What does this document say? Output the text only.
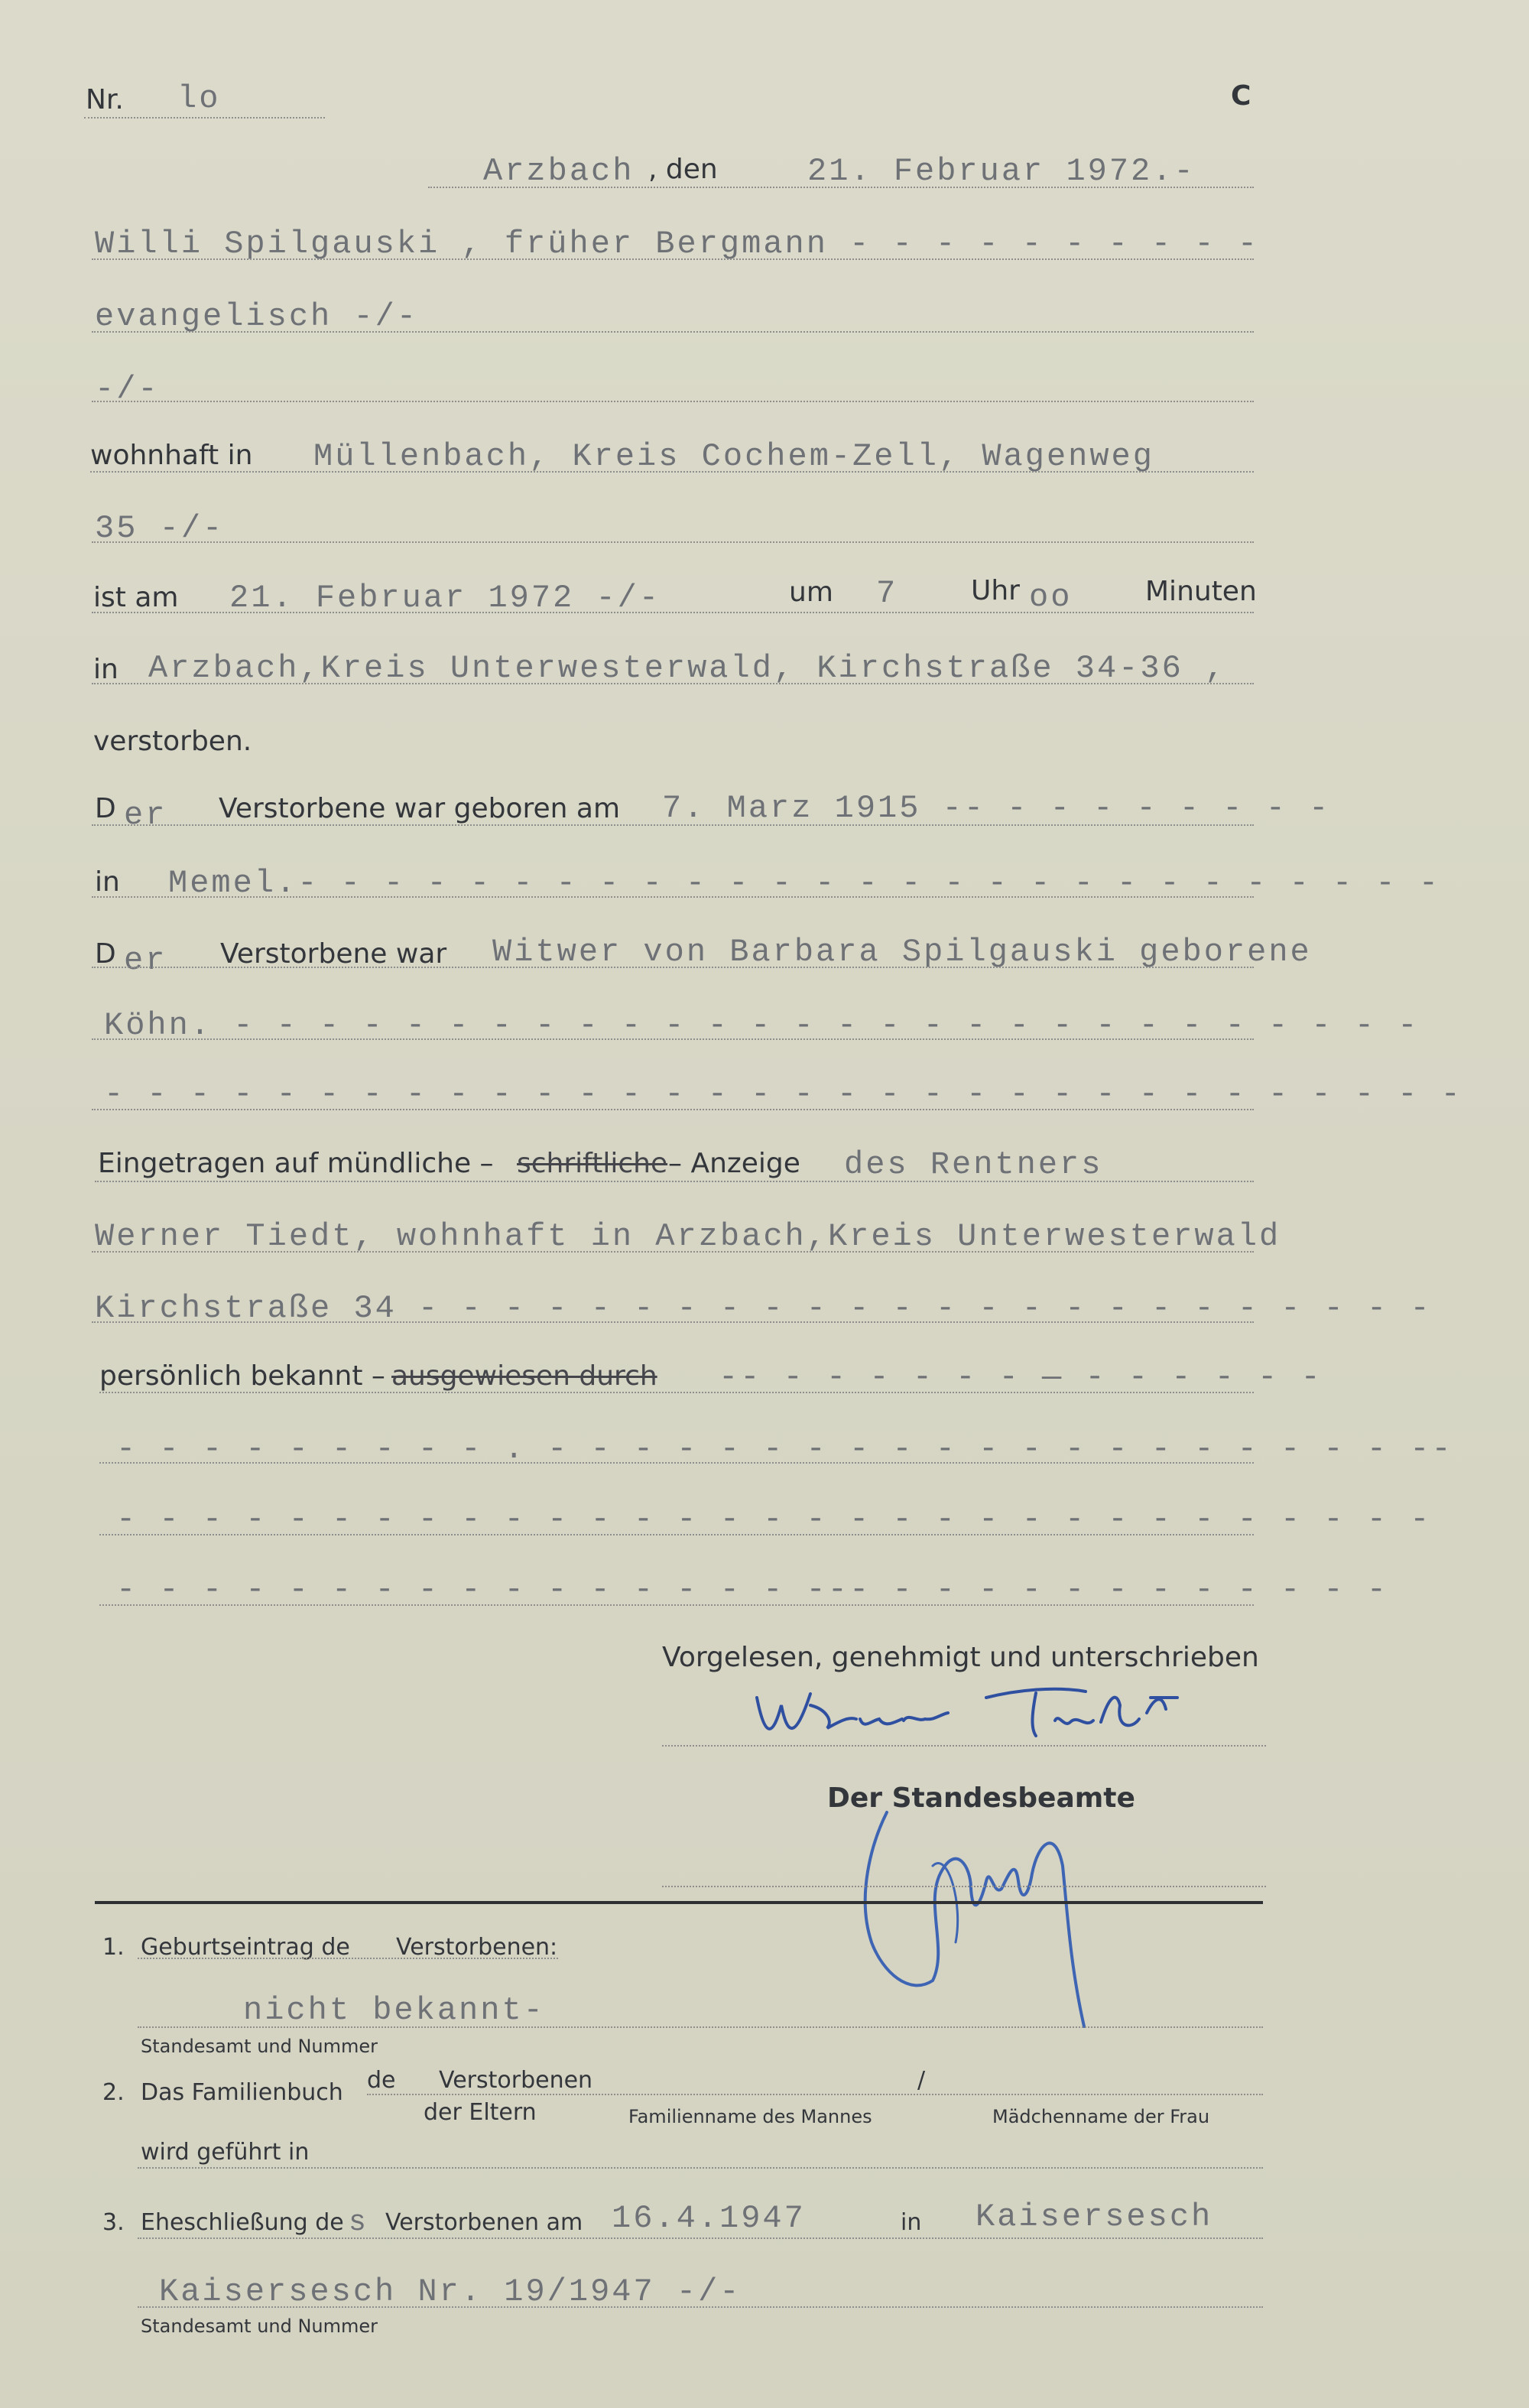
Nr. lo	C
Arzbach , den	21. Februar 1972.-
Willi Spilgauski , früher Bergmann - - - - - - - - - -
evangelisch -/-
-/-
wohnhaft in Müllenbach, Kreis Cochem-Zell, Wagenweg
35 -/-
ist am 21. Februar 1972 -/-	um 7	Uhr oo	Minuten
in Arzbach,Kreis Unterwesterwald, Kirchstraße 34-36 ,
verstorben.
D er Verstorbene war geboren am 7. Marz 1915 -- - - - - - - - -
in Memel.- - - - - - - - - - - - - - - - - - - - - - - - - - -
D er Verstorbene war Witwer von Barbara Spilgauski geborene
Köhn. - - - - - - - - - - - - - - - - - - - - - - - - - - - -
- - - - - - - - - - - - - - - - - - - - - - - - - - - - - - - -
Eingetragen auf mündliche – schriftliche – Anzeige des Rentners
Werner Tiedt, wohnhaft in Arzbach,Kreis Unterwesterwald
Kirchstraße 34 - - - - - - - - - - - - - - - - - - - - - - - -
persönlich bekannt – ausgewiesen durch -- - - - - - - — - - - - - -
- - - - - - - - - . - - - - - - - - - - - - - - - - - - - - --
- - - - - - - - - - - - - - - - - - - - - - - - - - - - - - -
- - - - - - - - - - - - - - - - --- - - - - - - - - - - - -
Vorgelesen, genehmigt und unterschrieben
Der Standesbeamte
1. Geburtseintrag de Verstorbenen:
nicht bekannt-
Standesamt und Nummer
2. Das Familienbuch de Verstorbenen	/
der Eltern	Familienname des Mannes	Mädchenname der Frau
wird geführt in
3. Eheschließung de s Verstorbenen am 16.4.1947	in Kaisersesch
Kaisersesch Nr. 19/1947 -/-
Standesamt und Nummer
